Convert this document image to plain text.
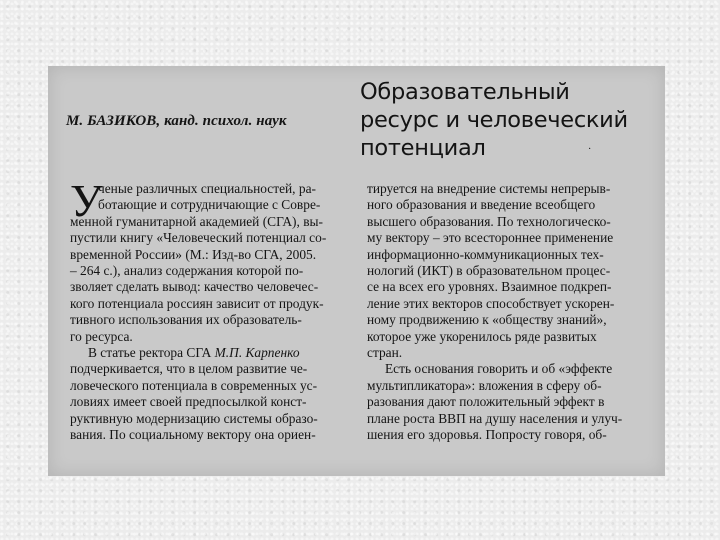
М. БАЗИКОВ, канд. психол. наук

Образовательный
ресурс и человеческий
потенциал	·
У
ченые различных специальностей, ра-
ботающие и сотрудничающие с Совре-
менной гуманитарной академией (СГА), вы-
пустили книгу «Человеческий потенциал со-
временной России» (М.: Изд-во СГА, 2005.
– 264 с.), анализ содержания которой по-
зволяет сделать вывод: качество человечес-
кого потенциала россиян зависит от продук-
тивного использования их образователь-
го ресурса.
В статье ректора СГА М.П. Карпенко
подчеркивается, что в целом развитие че-
ловеческого потенциала в современных ус-
ловиях имеет своей предпосылкой конст-
руктивную модернизацию системы образо-
вания. По социальному вектору она ориен-
тируется на внедрение системы непрерыв-
ного образования и введение всеобщего
высшего образования. По технологическо-
му вектору – это всестороннее применение
информационно-коммуникационных тех-
нологий (ИКТ) в образовательном процес-
се на всех его уровнях. Взаимное подкреп-
ление этих векторов способствует ускорен-
ному продвижению к «обществу знаний»,
которое уже укоренилось ряде развитых
стран.
Есть основания говорить и об «эффекте
мультипликатора»: вложения в сферу об-
разования дают положительный эффект в
плане роста ВВП на душу населения и улуч-
шения его здоровья. Попросту говоря, об-
